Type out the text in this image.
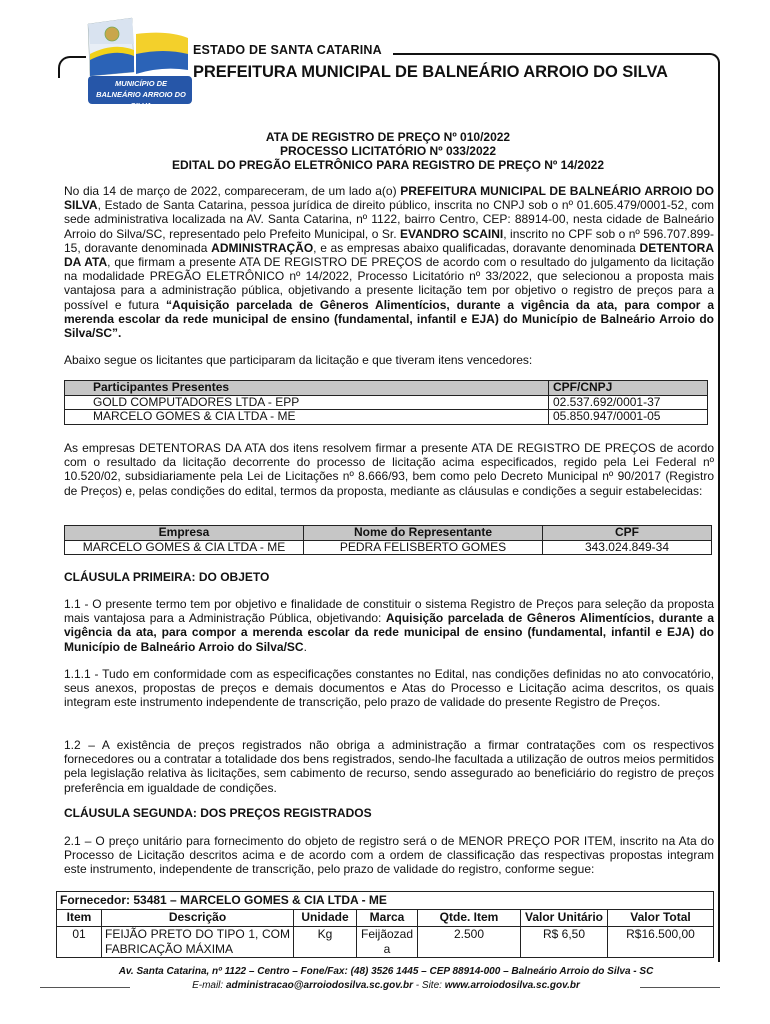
MUNICÍPIO DE BALNEÁRIO ARROIO DO SILVA
ESTADO DE SANTA CATARINA
PREFEITURA MUNICIPAL DE BALNEÁRIO ARROIO DO SILVA
ATA DE REGISTRO DE PREÇO Nº 010/2022
PROCESSO LICITATÓRIO Nº 033/2022
EDITAL DO PREGÃO ELETRÔNICO PARA REGISTRO DE PREÇO Nº 14/2022
No dia 14 de março de 2022, compareceram, de um lado a(o) PREFEITURA MUNICIPAL DE BALNEÁRIO ARROIO DO SILVA, Estado de Santa Catarina, pessoa jurídica de direito público, inscrita no CNPJ sob o nº 01.605.479/0001-52, com sede administrativa localizada na AV. Santa Catarina, nº 1122, bairro Centro, CEP: 88914-00, nesta cidade de Balneário Arroio do Silva/SC, representado pelo Prefeito Municipal, o Sr. EVANDRO SCAINI, inscrito no CPF sob o nº 596.707.899-15, doravante denominada ADMINISTRAÇÃO, e as empresas abaixo qualificadas, doravante denominada DETENTORA DA ATA, que firmam a presente ATA DE REGISTRO DE PREÇOS de acordo com o resultado do julgamento da licitação na modalidade PREGÃO ELETRÔNICO nº 14/2022, Processo Licitatório nº 33/2022, que selecionou a proposta mais vantajosa para a administração pública, objetivando a presente licitação tem por objetivo o registro de preços para a possível e futura “Aquisição parcelada de Gêneros Alimentícios, durante a vigência da ata, para compor a merenda escolar da rede municipal de ensino (fundamental, infantil e EJA) do Município de Balneário Arroio do Silva/SC”.
Abaixo segue os licitantes que participaram da licitação e que tiveram itens vencedores:
Participantes Presentes	CPF/CNPJ
GOLD COMPUTADORES LTDA - EPP	02.537.692/0001-37
MARCELO GOMES & CIA LTDA - ME	05.850.947/0001-05
As empresas DETENTORAS DA ATA dos itens resolvem firmar a presente ATA DE REGISTRO DE PREÇOS de acordo com o resultado da licitação decorrente do processo de licitação acima especificados, regido pela Lei Federal nº 10.520/02, subsidiariamente pela Lei de Licitações nº 8.666/93, bem como pelo Decreto Municipal nº 90/2017 (Registro de Preços) e, pelas condições do edital, termos da proposta, mediante as cláusulas e condições a seguir estabelecidas:
Empresa	Nome do Representante	CPF
MARCELO GOMES & CIA LTDA - ME	PEDRA FELISBERTO GOMES	343.024.849-34
CLÁUSULA PRIMEIRA: DO OBJETO
1.1 - O presente termo tem por objetivo e finalidade de constituir o sistema Registro de Preços para seleção da proposta mais vantajosa para a Administração Pública, objetivando: Aquisição parcelada de Gêneros Alimentícios, durante a vigência da ata, para compor a merenda escolar da rede municipal de ensino (fundamental, infantil e EJA) do Município de Balneário Arroio do Silva/SC.
1.1.1 - Tudo em conformidade com as especificações constantes no Edital, nas condições definidas no ato convocatório, seus anexos, propostas de preços e demais documentos e Atas do Processo e Licitação acima descritos, os quais integram este instrumento independente de transcrição, pelo prazo de validade do presente Registro de Preços.
1.2 – A existência de preços registrados não obriga a administração a firmar contratações com os respectivos fornecedores ou a contratar a totalidade dos bens registrados, sendo-lhe facultada a utilização de outros meios permitidos pela legislação relativa às licitações, sem cabimento de recurso, sendo assegurado ao beneficiário do registro de preços preferência em igualdade de condições.
CLÁUSULA SEGUNDA: DOS PREÇOS REGISTRADOS
2.1 – O preço unitário para fornecimento do objeto de registro será o de MENOR PREÇO POR ITEM, inscrito na Ata do Processo de Licitação descritos acima e de acordo com a ordem de classificação das respectivas propostas integram este instrumento, independente de transcrição, pelo prazo de validade do registro, conforme segue:
Fornecedor: 53481 – MARCELO GOMES & CIA LTDA - ME						
Item	Descrição	Unidade	Marca	Qtde. Item	Valor Unitário	Valor Total
01	FEIJÃO PRETO DO TIPO 1, COM FABRICAÇÃO MÁXIMA	Kg	Feijãozada	2.500	R$ 6,50	R$16.500,00
Av. Santa Catarina, nº 1122 – Centro – Fone/Fax: (48) 3526 1445 – CEP 88914-000 – Balneário Arroio do Silva - SC
E-mail: administracao@arroiodosilva.sc.gov.br - Site: www.arroiodosilva.sc.gov.br
